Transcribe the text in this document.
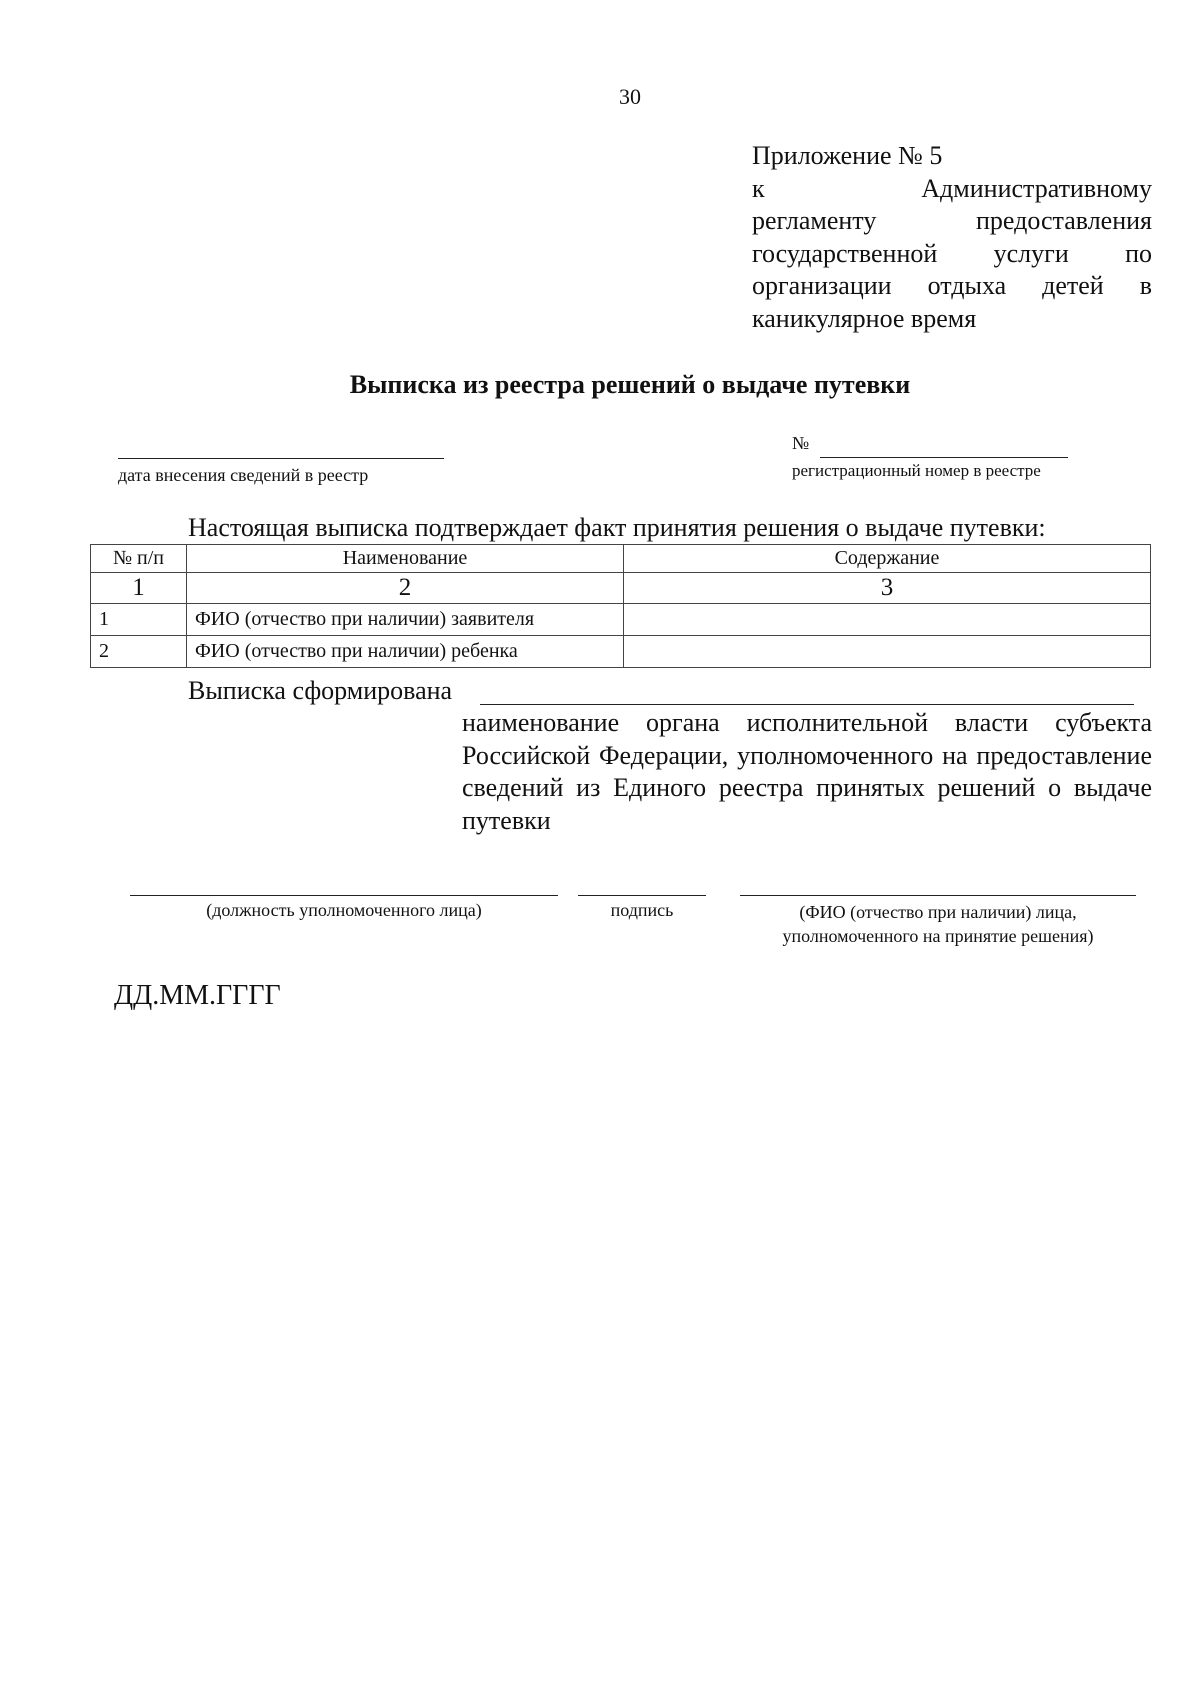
30
Приложение № 5
к	Административному
регламенту предоставления
государственной услуги по
организации отдыха детей в
каникулярное время
Выписка из реестра решений о выдаче путевки
дата внесения сведений в реестр
№
регистрационный номер в реестре
Настоящая выписка подтверждает факт принятия решения о выдаче путевки:
№ п/п	Наименование	Содержание
1	2	3
1	ФИО (отчество при наличии) заявителя	
2	ФИО (отчество при наличии) ребенка	
Выписка сформирована
наименование органа исполнительной власти субъекта Российской Федерации, уполномоченного на предоставление сведений из Единого реестра принятых решений о выдаче путевки
(должность уполномоченного лица)	подпись	(ФИО (отчество при наличии) лица,
уполномоченного на принятие решения)
ДД.ММ.ГГГГ
